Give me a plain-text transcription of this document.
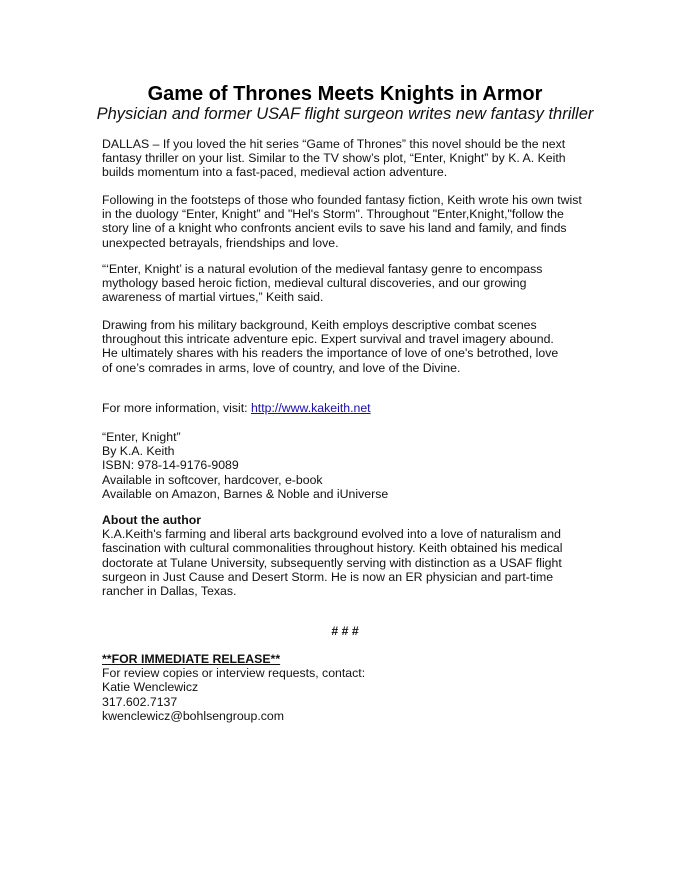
Game of Thrones Meets Knights in Armor
Physician and former USAF flight surgeon writes new fantasy thriller

DALLAS – If you loved the hit series “Game of Thrones” this novel should be the next
fantasy thriller on your list. Similar to the TV show’s plot, “Enter, Knight” by K. A. Keith
builds momentum into a fast-paced, medieval action adventure.

Following in the footsteps of those who founded fantasy fiction, Keith wrote his own twist
in the duology “Enter, Knight” and "Hel's Storm". Throughout "Enter,Knight,"follow the
story line of a knight who confronts ancient evils to save his land and family, and finds
unexpected betrayals, friendships and love.

“‘Enter, Knight’ is a natural evolution of the medieval fantasy genre to encompass
mythology based heroic fiction, medieval cultural discoveries, and our growing
awareness of martial virtues,” Keith said.

Drawing from his military background, Keith employs descriptive combat scenes
throughout this intricate adventure epic. Expert survival and travel imagery abound.
He ultimately shares with his readers the importance of love of one's betrothed, love
of one’s comrades in arms, love of country, and love of the Divine.

For more information, visit: http://www.kakeith.net
“Enter, Knight”
By K.A. Keith
ISBN: 978-14-9176-9089
Available in softcover, hardcover, e-book
Available on Amazon, Barnes & Noble and iUniverse
About the author
K.A.Keith's farming and liberal arts background evolved into a love of naturalism and
fascination with cultural commonalities throughout history. Keith obtained his medical
doctorate at Tulane University, subsequently serving with distinction as a USAF flight
surgeon in Just Cause and Desert Storm. He is now an ER physician and part-time
rancher in Dallas, Texas.
# # #
**FOR IMMEDIATE RELEASE**
For review copies or interview requests, contact:
Katie Wenclewicz
317.602.7137
kwenclewicz@bohlsengroup.com
